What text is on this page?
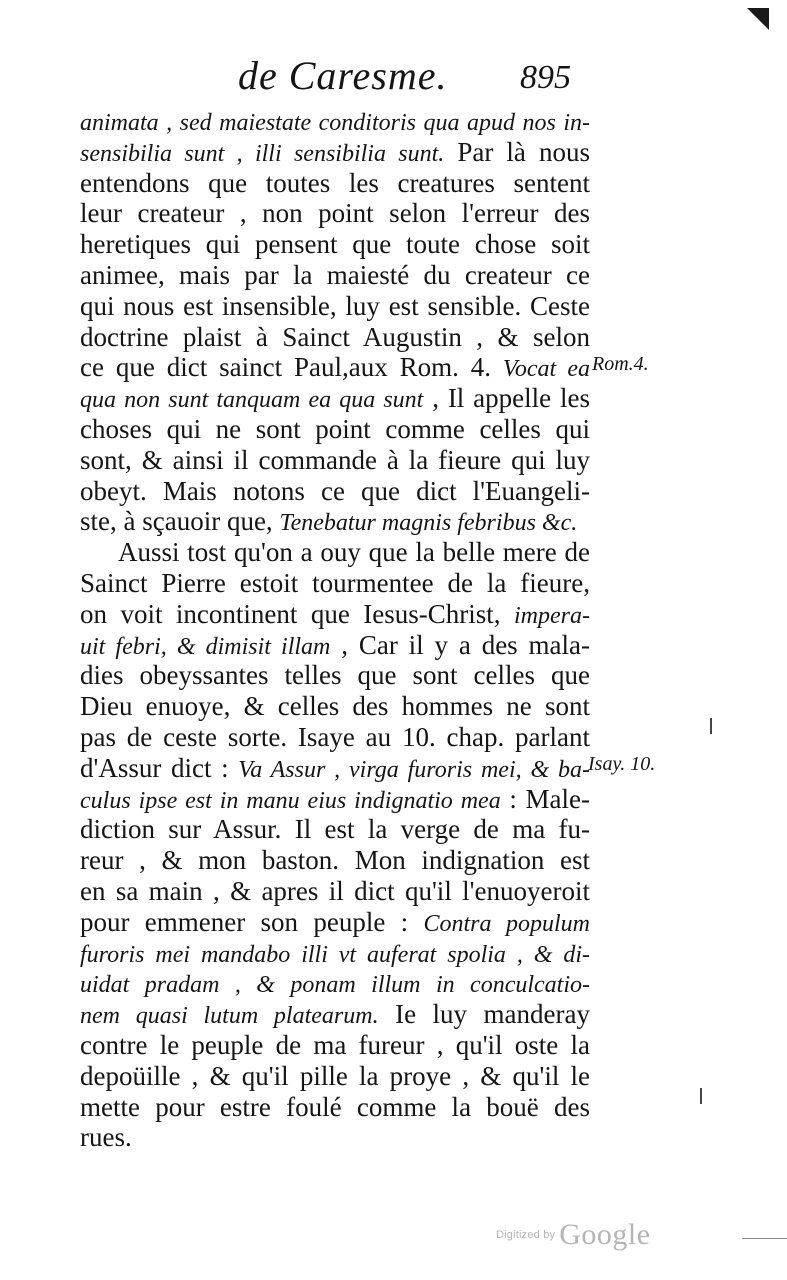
de Caresme. 895
animata , sed maiestate conditoris qua apud nos in-
sensibilia sunt , illi sensibilia sunt. Par là nous
entendons que toutes les creatures sentent
leur createur , non point selon l'erreur des
heretiques qui pensent que toute chose soit
animee, mais par la maiesté du createur ce
qui nous est insensible, luy est sensible. Ceste
doctrine plaist à Sainct Augustin , & selon
ce que dict sainct Paul,aux Rom. 4. Vocat ea
qua non sunt tanquam ea qua sunt , Il appelle les
choses qui ne sont point comme celles qui
sont, & ainsi il commande à la fieure qui luy
obeyt. Mais notons ce que dict l'Euangeli-
ste, à sçauoir que, Tenebatur magnis febribus &c.
Aussi tost qu'on a ouy que la belle mere de
Sainct Pierre estoit tourmentee de la fieure,
on voit incontinent que Iesus-Christ, impera-
uit febri, & dimisit illam , Car il y a des mala-
dies obeyssantes telles que sont celles que
Dieu enuoye, & celles des hommes ne sont
pas de ceste sorte. Isaye au 10. chap. parlant
d'Assur dict : Va Assur , virga furoris mei, & ba-
culus ipse est in manu eius indignatio mea : Male-
diction sur Assur. Il est la verge de ma fu-
reur , & mon baston. Mon indignation est
en sa main , & apres il dict qu'il l'enuoyeroit
pour emmener son peuple : Contra populum
furoris mei mandabo illi vt auferat spolia , & di-
uidat pradam , & ponam illum in conculcatio-
nem quasi lutum platearum. Ie luy manderay
contre le peuple de ma fureur , qu'il oste la
depoüille , & qu'il pille la proye , & qu'il le
mette pour estre foulé comme la bouë des
rues.
Rom.4.
Isay. 10.
Digitized by Google
